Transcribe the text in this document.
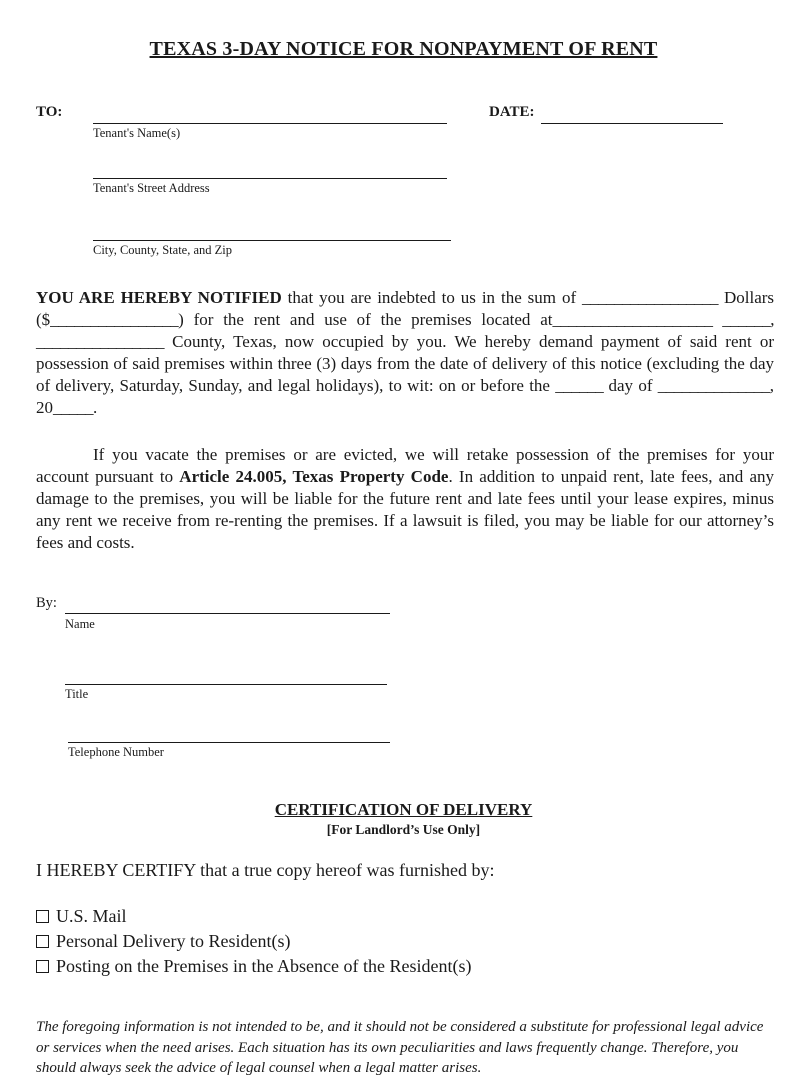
TEXAS 3-DAY NOTICE FOR NONPAYMENT OF RENT
TO:
Tenant's Name(s)
DATE:
Tenant's Street Address
City, County, State, and Zip

YOU ARE HEREBY NOTIFIED that you are indebted to us in the sum of _________________ Dollars ($________________) for the rent and use of the premises located at____________________ ______, ________________ County, Texas, now occupied by you. We hereby demand payment of said rent or possession of said premises within three (3) days from the date of delivery of this notice (excluding the day of delivery, Saturday, Sunday, and legal holidays), to wit: on or before the ______ day of ______________, 20_____.

If you vacate the premises or are evicted, we will retake possession of the premises for your account pursuant to Article 24.005, Texas Property Code. In addition to unpaid rent, late fees, and any damage to the premises, you will be liable for the future rent and late fees until your lease expires, minus any rent we receive from re-renting the premises. If a lawsuit is filed, you may be liable for our attorney’s fees and costs.

By:
Name
Title
Telephone Number
CERTIFICATION OF DELIVERY
[For Landlord’s Use Only]
I HEREBY CERTIFY that a true copy hereof was furnished by:
U.S. Mail
Personal Delivery to Resident(s)
Posting on the Premises in the Absence of the Resident(s)
The foregoing information is not intended to be, and it should not be considered a substitute for professional legal advice or services when the need arises. Each situation has its own peculiarities and laws frequently change. Therefore, you should always seek the advice of legal counsel when a legal matter arises.
